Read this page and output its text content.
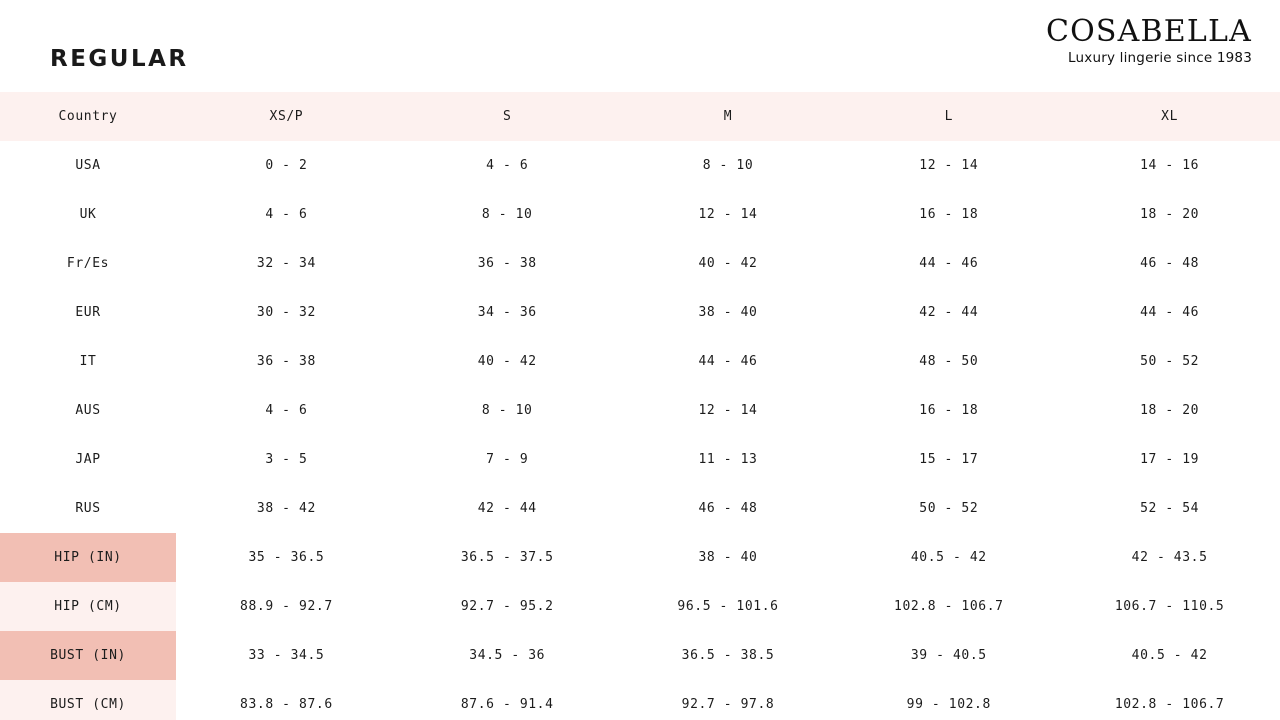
REGULAR
COSABELLA
Luxury lingerie since 1983
Country	XS/P	S	M	L	XL
USA	0 - 2	4 - 6	8 - 10	12 - 14	14 - 16
UK	4 - 6	8 - 10	12 - 14	16 - 18	18 - 20
Fr/Es	32 - 34	36 - 38	40 - 42	44 - 46	46 - 48
EUR	30 - 32	34 - 36	38 - 40	42 - 44	44 - 46
IT	36 - 38	40 - 42	44 - 46	48 - 50	50 - 52
AUS	4 - 6	8 - 10	12 - 14	16 - 18	18 - 20
JAP	3 - 5	7 - 9	11 - 13	15 - 17	17 - 19
RUS	38 - 42	42 - 44	46 - 48	50 - 52	52 - 54
HIP (IN)	35 - 36.5	36.5 - 37.5	38 - 40	40.5 - 42	42 - 43.5
HIP (CM)	88.9 - 92.7	92.7 - 95.2	96.5 - 101.6	102.8 - 106.7	106.7 - 110.5
BUST (IN)	33 - 34.5	34.5 - 36	36.5 - 38.5	39 - 40.5	40.5 - 42
BUST (CM)	83.8 - 87.6	87.6 - 91.4	92.7 - 97.8	99 - 102.8	102.8 - 106.7
